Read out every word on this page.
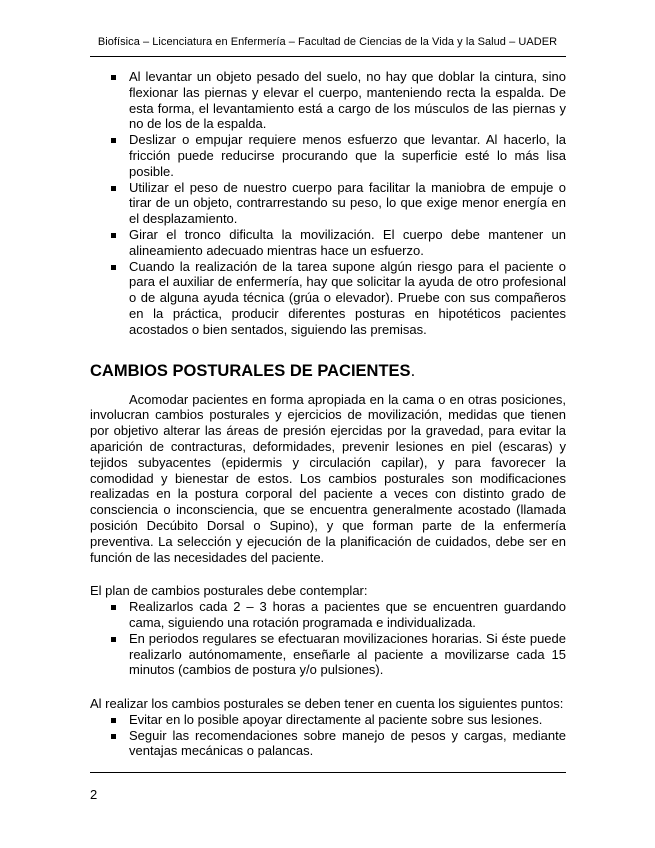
Biofísica – Licenciatura en Enfermería – Facultad de Ciencias de la Vida y la Salud – UADER
Al levantar un objeto pesado del suelo, no hay que doblar la cintura, sino flexionar las piernas y elevar el cuerpo, manteniendo recta la espalda. De esta forma, el levantamiento está a cargo de los músculos de las piernas y no de los de la espalda.
Deslizar o empujar requiere menos esfuerzo que levantar. Al hacerlo, la fricción puede reducirse procurando que la superficie esté lo más lisa posible.
Utilizar el peso de nuestro cuerpo para facilitar la maniobra de empuje o tirar de un objeto, contrarrestando su peso, lo que exige menor energía en el desplazamiento.
Girar el tronco dificulta la movilización. El cuerpo debe mantener un alineamiento adecuado mientras hace un esfuerzo.
Cuando la realización de la tarea supone algún riesgo para el paciente o para el auxiliar de enfermería, hay que solicitar la ayuda de otro profesional o de alguna ayuda técnica (grúa o elevador). Pruebe con sus compañeros en la práctica, producir diferentes posturas en hipotéticos pacientes acostados o bien sentados, siguiendo las premisas.
CAMBIOS POSTURALES DE PACIENTES.

Acomodar pacientes en forma apropiada en la cama o en otras posiciones, involucran cambios posturales y ejercicios de movilización, medidas que tienen por objetivo alterar las áreas de presión ejercidas por la gravedad, para evitar la aparición de contracturas, deformidades, prevenir lesiones en piel (escaras) y tejidos subyacentes (epidermis y circulación capilar), y para favorecer la comodidad y bienestar de estos. Los cambios posturales son modificaciones realizadas en la postura corporal del paciente a veces con distinto grado de consciencia o inconsciencia, que se encuentra generalmente acostado (llamada posición Decúbito Dorsal o Supino), y que forman parte de la enfermería preventiva. La selección y ejecución de la planificación de cuidados, debe ser en función de las necesidades del paciente.

El plan de cambios posturales debe contemplar:

Realizarlos cada 2 – 3 horas a pacientes que se encuentren guardando cama, siguiendo una rotación programada e individualizada.
En periodos regulares se efectuaran movilizaciones horarias. Si éste puede realizarlo autónomamente, enseñarle al paciente a movilizarse cada 15 minutos (cambios de postura y/o pulsiones).

Al realizar los cambios posturales se deben tener en cuenta los siguientes puntos:

Evitar en lo posible apoyar directamente al paciente sobre sus lesiones.
Seguir las recomendaciones sobre manejo de pesos y cargas, mediante ventajas mecánicas o palancas.
2
